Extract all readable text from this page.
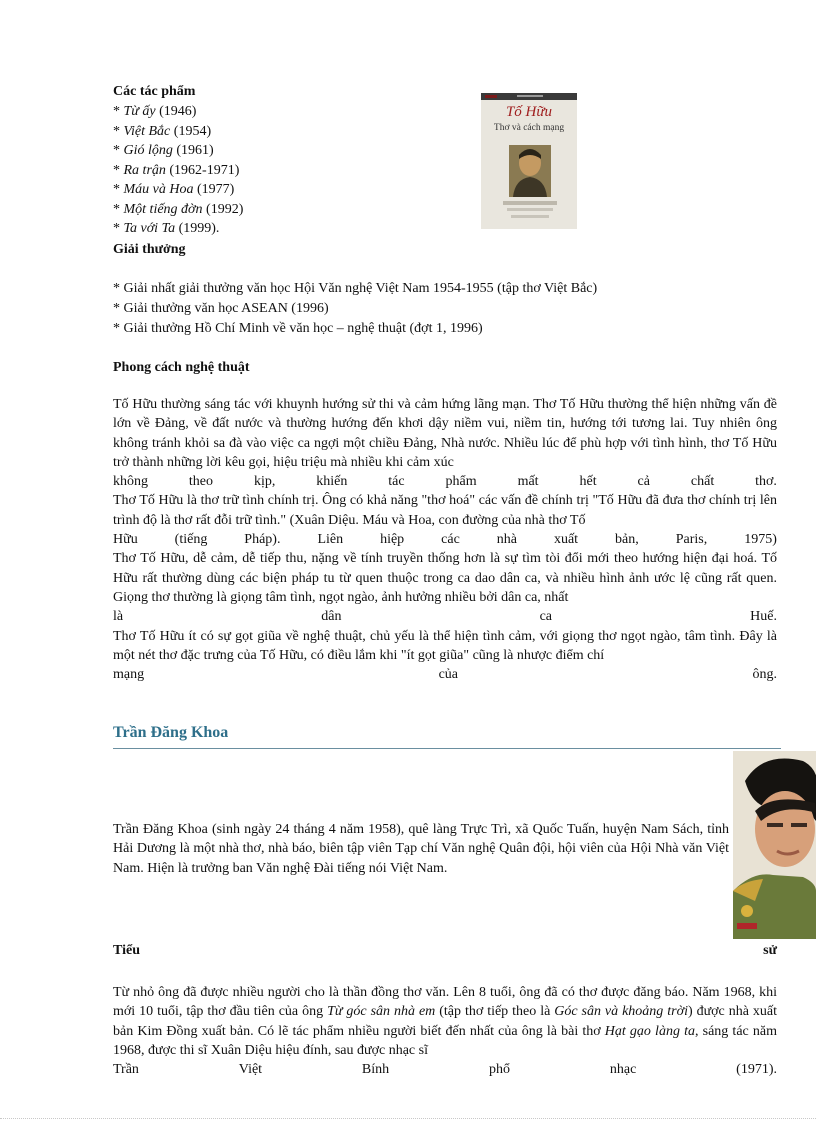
Các tác phẩm
* Từ ấy (1946)
* Việt Bắc (1954)
* Gió lộng (1961)
* Ra trận (1962-1971)
* Máu và Hoa (1977)
* Một tiếng đờn (1992)
* Ta với Ta (1999).
Giải thưởng
Tố Hữu
Thơ và cách mạng
* Giải nhất giải thưởng văn học Hội Văn nghệ Việt Nam 1954-1955 (tập thơ Việt Bắc)
* Giải thưởng văn học ASEAN (1996)
* Giải thưởng Hồ Chí Minh về văn học – nghệ thuật (đợt 1, 1996)
Phong cách nghệ thuật
Tố Hữu thường sáng tác với khuynh hướng sử thi và cảm hứng lãng mạn. Thơ Tố Hữu thường thể hiện những vấn đề lớn về Đảng, về đất nước và thường hướng đến khơi dậy niềm vui, niềm tin, hướng tới tương lai. Tuy nhiên ông không tránh khỏi sa đà vào việc ca ngợi một chiều Đảng, Nhà nước. Nhiều lúc để phù hợp với tình hình, thơ Tố Hữu trở thành những lời kêu gọi, hiệu triệu mà nhiều khi cảm xúc
không	theo	kịp,	khiến	tác	phẩm	mất	hết	cả	chất	thơ.
Thơ Tố Hữu là thơ trữ tình chính trị. Ông có khả năng "thơ hoá" các vấn đề chính trị "Tố Hữu đã đưa thơ chính trị lên trình độ là thơ rất đỗi trữ tình." (Xuân Diệu. Máu và Hoa, con đường của nhà thơ Tố
Hữu	(tiếng	Pháp).	Liên	hiệp	các	nhà	xuất	bản,	Paris,	1975)
Thơ Tố Hữu, dễ cảm, dễ tiếp thu, nặng về tính truyền thống hơn là sự tìm tòi đổi mới theo hướng hiện đại hoá. Tố Hữu rất thường dùng các biện pháp tu từ quen thuộc trong ca dao dân ca, và nhiều hình ảnh ước lệ cũng rất quen. Giọng thơ thường là giọng tâm tình, ngọt ngào, ảnh hưởng nhiều bởi dân ca, nhất
là	dân	ca	Huế.
Thơ Tố Hữu ít có sự gọt giũa về nghệ thuật, chủ yếu là thể hiện tình cảm, với giọng thơ ngọt ngào, tâm tình. Đây là một nét thơ đặc trưng của Tố Hữu, có điều lắm khi "ít gọt giũa" cũng là nhược điểm chí
mạng	của	ông.
Trần Đăng Khoa
Trần Đăng Khoa (sinh ngày 24 tháng 4 năm 1958), quê làng Trực Trì, xã Quốc Tuấn, huyện Nam Sách, tỉnh Hải Dương là một nhà thơ, nhà báo, biên tập viên Tạp chí Văn nghệ Quân đội, hội viên của Hội Nhà văn Việt Nam. Hiện là trưởng ban Văn nghệ Đài tiếng nói Việt Nam.
Tiểu	sử
Từ nhỏ ông đã được nhiều người cho là thần đồng thơ văn. Lên 8 tuổi, ông đã có thơ được đăng báo. Năm 1968, khi mới 10 tuổi, tập thơ đầu tiên của ông Từ góc sân nhà em (tập thơ tiếp theo là Góc sân và khoảng trời) được nhà xuất bản Kim Đồng xuất bản. Có lẽ tác phẩm nhiều người biết đến nhất của ông là bài thơ Hạt gạo làng ta, sáng tác năm 1968, được thi sĩ Xuân Diệu hiệu đính, sau được nhạc sĩ
Trần	Việt	Bính	phổ	nhạc	(1971).
